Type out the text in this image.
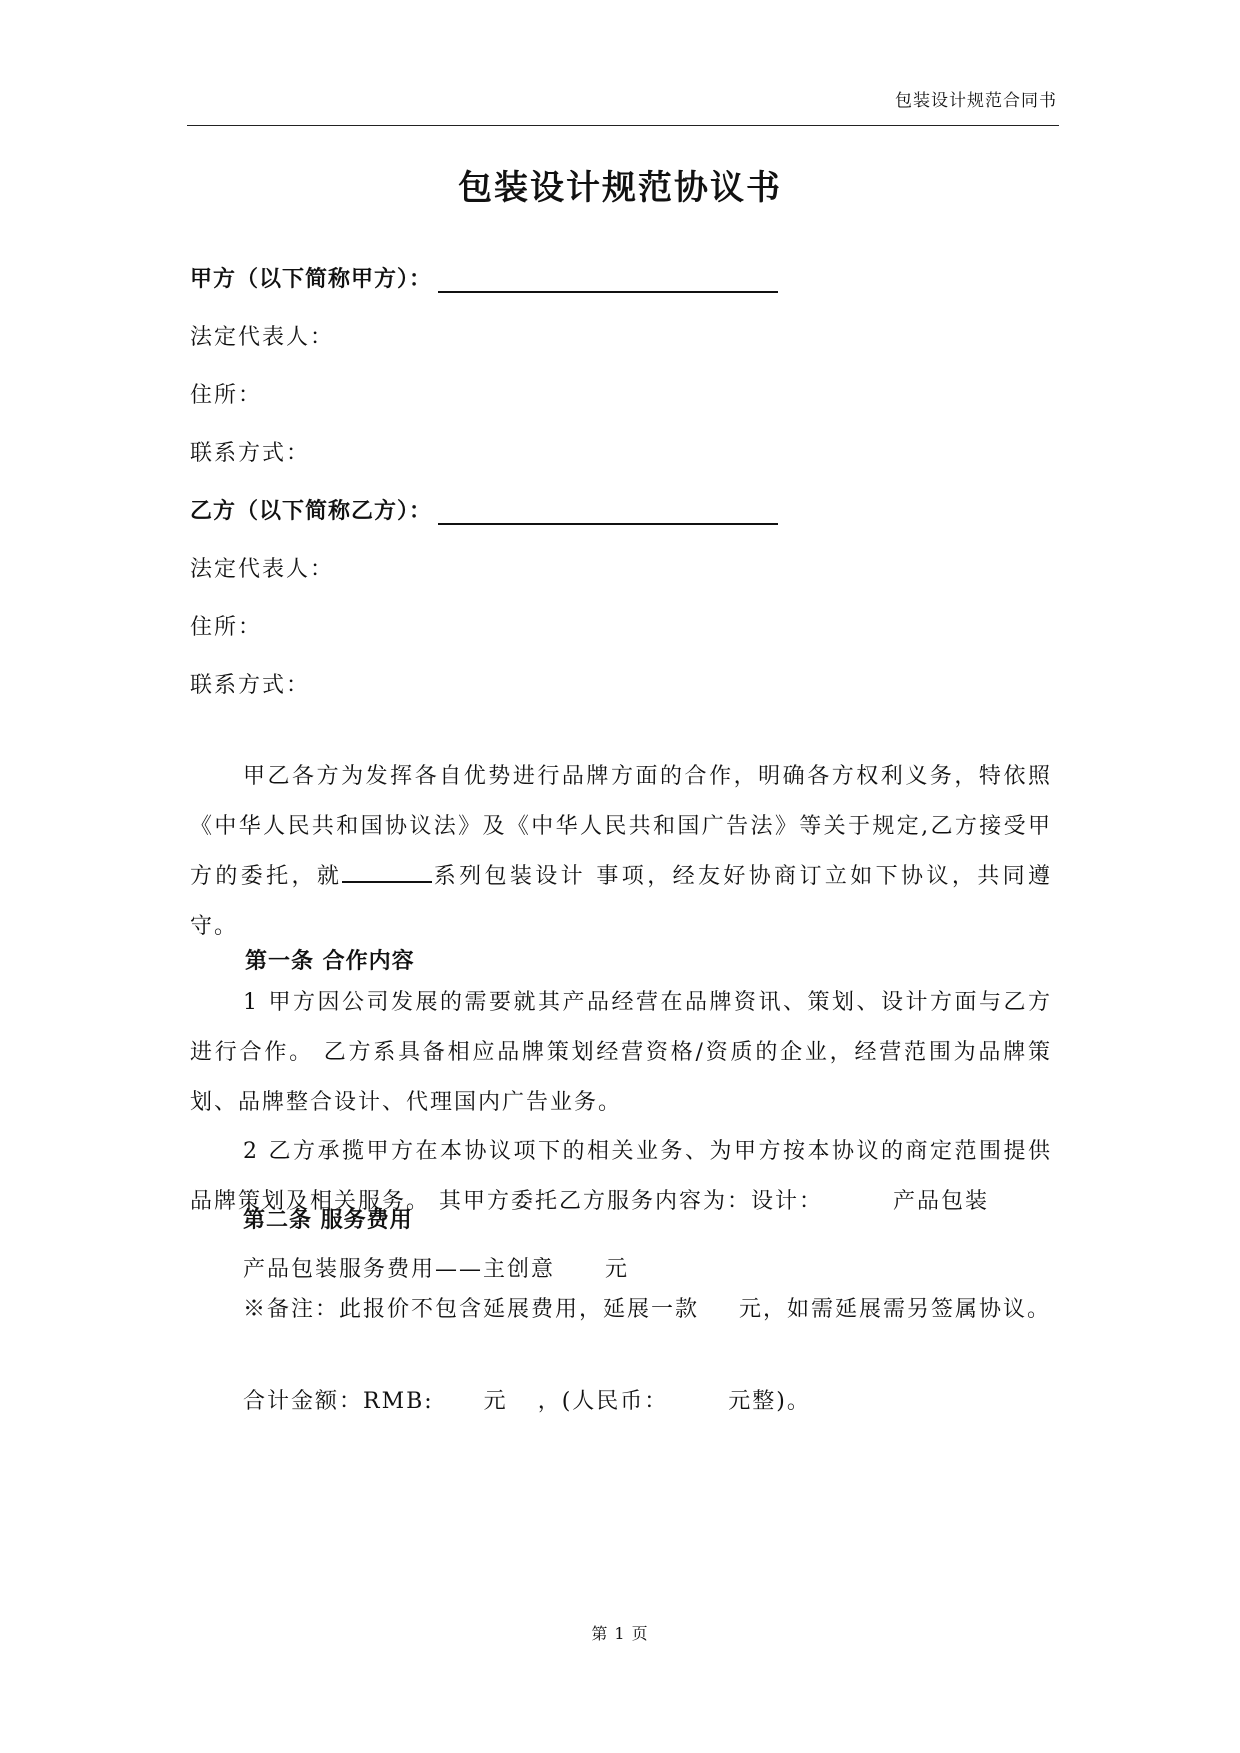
包装设计规范合同书
包装设计规范协议书
甲方（以下简称甲方）：
法定代表人：
住所：
联系方式：
乙方（以下简称乙方）：
法定代表人：
住所：
联系方式：
甲乙各方为发挥各自优势进行品牌方面的合作，明确各方权利义务，特依照《中华人民共和国协议法》及《中华人民共和国广告法》等关于规定,乙方接受甲方的委托，就	系列包装设计 事项，经友好协商订立如下协议，共同遵守。
第一条 合作内容
1 甲方因公司发展的需要就其产品经营在品牌资讯、策划、设计方面与乙方进行合作。 乙方系具备相应品牌策划经营资格/资质的企业，经营范围为品牌策划、品牌整合设计、代理国内广告业务。
2 乙方承揽甲方在本协议项下的相关业务、为甲方按本协议的商定范围提供品牌策划及相关服务。 其甲方委托乙方服务内容为：设计：	产品包装
第二条 服务费用
产品包装服务费用——主创意 元
※备注：此报价不包含延展费用，延展一款 元，如需延展需另签属协议。
合计金额：RMB: 元 ，(人民币：	元整)。
第 1 页
